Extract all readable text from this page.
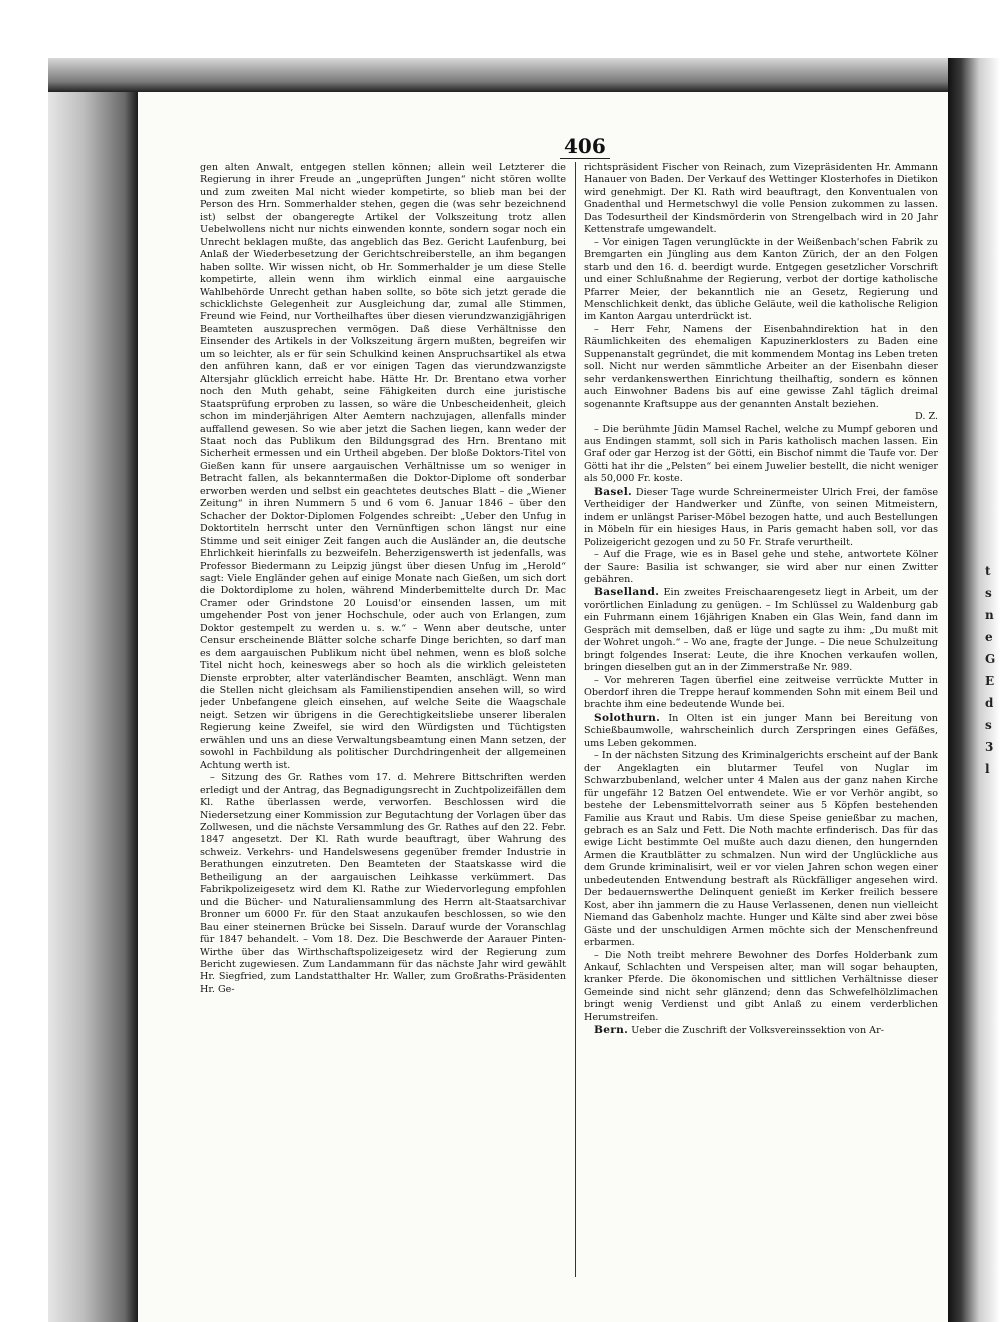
406

gen alten Anwalt, entgegen stellen können; allein weil Letzterer die Regierung in ihrer Freude an „ungeprüften Jungen“ nicht stören wollte und zum zweiten Mal nicht wieder kompetirte, so blieb man bei der Person des Hrn. Sommerhalder stehen, gegen die (was sehr bezeichnend ist) selbst der obangeregte Artikel der Volkszeitung trotz allen Uebelwollens nicht nur nichts einwenden konnte, sondern sogar noch ein Unrecht beklagen mußte, das angeblich das Bez. Gericht Laufenburg, bei Anlaß der Wiederbesetzung der Gerichtschreiberstelle, an ihm begangen haben sollte. Wir wissen nicht, ob Hr. Sommerhalder je um diese Stelle kompetirte, allein wenn ihm wirklich einmal eine aargauische Wahlbehörde Unrecht gethan haben sollte, so böte sich jetzt gerade die schicklichste Gelegenheit zur Ausgleichung dar, zumal alle Stimmen, Freund wie Feind, nur Vortheilhaftes über diesen vierundzwanzigjährigen Beamteten auszusprechen vermögen. Daß diese Verhältnisse den Einsender des Artikels in der Volkszeitung ärgern mußten, begreifen wir um so leichter, als er für sein Schulkind keinen Anspruchsartikel als etwa den anführen kann, daß er vor einigen Tagen das vierundzwanzigste Altersjahr glücklich erreicht habe. Hätte Hr. Dr. Brentano etwa vorher noch den Muth gehabt, seine Fähigkeiten durch eine juristische Staatsprüfung erproben zu lassen, so wäre die Unbescheidenheit, gleich schon im minderjährigen Alter Aemtern nachzujagen, allenfalls minder auffallend gewesen. So wie aber jetzt die Sachen liegen, kann weder der Staat noch das Publikum den Bildungsgrad des Hrn. Brentano mit Sicherheit ermessen und ein Urtheil abgeben. Der bloße Doktors-Titel von Gießen kann für unsere aargauischen Verhältnisse um so weniger in Betracht fallen, als bekanntermaßen die Doktor-Diplome oft sonderbar erworben werden und selbst ein geachtetes deutsches Blatt – die „Wiener Zeitung“ in ihren Nummern 5 und 6 vom 6. Januar 1846 – über den Schacher der Doktor-Diplomen Folgendes schreibt: „Ueber den Unfug in Doktortiteln herrscht unter den Vernünftigen schon längst nur eine Stimme und seit einiger Zeit fangen auch die Ausländer an, die deutsche Ehrlichkeit hierinfalls zu bezweifeln. Beherzigenswerth ist jedenfalls, was Professor Biedermann zu Leipzig jüngst über diesen Unfug im „Herold“ sagt: Viele Engländer gehen auf einige Monate nach Gießen, um sich dort die Doktordiplome zu holen, während Minderbemittelte durch Dr. Mac Cramer oder Grindstone 20 Louisd'or einsenden lassen, um mit umgehender Post von jener Hochschule, oder auch von Erlangen, zum Doktor gestempelt zu werden u. s. w.“ – Wenn aber deutsche, unter Censur erscheinende Blätter solche scharfe Dinge berichten, so darf man es dem aargauischen Publikum nicht übel nehmen, wenn es bloß solche Titel nicht hoch, keineswegs aber so hoch als die wirklich geleisteten Dienste erprobter, alter vaterländischer Beamten, anschlägt. Wenn man die Stellen nicht gleichsam als Familienstipendien ansehen will, so wird jeder Unbefangene gleich einsehen, auf welche Seite die Waagschale neigt. Setzen wir übrigens in die Gerechtigkeitsliebe unserer liberalen Regierung keine Zweifel, sie wird den Würdigsten und Tüchtigsten erwählen und uns an diese Verwaltungsbeamtung einen Mann setzen, der sowohl in Fachbildung als politischer Durchdringenheit der allgemeinen Achtung werth ist.

– Sitzung des Gr. Rathes vom 17. d. Mehrere Bittschriften werden erledigt und der Antrag, das Begnadigungsrecht in Zuchtpolizeifällen dem Kl. Rathe überlassen werde, verworfen. Beschlossen wird die Niedersetzung einer Kommission zur Begutachtung der Vorlagen über das Zollwesen, und die nächste Versammlung des Gr. Rathes auf den 22. Febr. 1847 angesetzt. Der Kl. Rath wurde beauftragt, über Wahrung des schweiz. Verkehrs- und Handelswesens gegenüber fremder Industrie in Berathungen einzutreten. Den Beamteten der Staatskasse wird die Betheiligung an der aargauischen Leihkasse verkümmert. Das Fabrikpolizeigesetz wird dem Kl. Rathe zur Wiedervorlegung empfohlen und die Bücher- und Naturaliensammlung des Herrn alt-Staatsarchivar Bronner um 6000 Fr. für den Staat anzukaufen beschlossen, so wie den Bau einer steinernen Brücke bei Sisseln. Darauf wurde der Voranschlag für 1847 behandelt. – Vom 18. Dez. Die Beschwerde der Aarauer Pinten-Wirthe über das Wirthschaftspolizeigesetz wird der Regierung zum Bericht zugewiesen. Zum Landammann für das nächste Jahr wird gewählt Hr. Siegfried, zum Landstatthalter Hr. Waller, zum Großraths-Präsidenten Hr. Ge-

richtspräsident Fischer von Reinach, zum Vizepräsidenten Hr. Ammann Hanauer von Baden. Der Verkauf des Wettinger Klosterhofes in Dietikon wird genehmigt. Der Kl. Rath wird beauftragt, den Konventualen von Gnadenthal und Hermetschwyl die volle Pension zukommen zu lassen. Das Todesurtheil der Kindsmörderin von Strengelbach wird in 20 Jahr Kettenstrafe umgewandelt.

– Vor einigen Tagen verunglückte in der Weißenbach'schen Fabrik zu Bremgarten ein Jüngling aus dem Kanton Zürich, der an den Folgen starb und den 16. d. beerdigt wurde. Entgegen gesetzlicher Vorschrift und einer Schlußnahme der Regierung, verbot der dortige katholische Pfarrer Meier, der bekanntlich nie an Gesetz, Regierung und Menschlichkeit denkt, das übliche Geläute, weil die katholische Religion im Kanton Aargau unterdrückt ist.

– Herr Fehr, Namens der Eisenbahndirektion hat in den Räumlichkeiten des ehemaligen Kapuzinerklosters zu Baden eine Suppenanstalt gegründet, die mit kommendem Montag ins Leben treten soll. Nicht nur werden sämmtliche Arbeiter an der Eisenbahn dieser sehr verdankenswerthen Einrichtung theilhaftig, sondern es können auch Einwohner Badens bis auf eine gewisse Zahl täglich dreimal sogenannte Kraftsuppe aus der genannten Anstalt beziehen.

D. Z.

– Die berühmte Jüdin Mamsel Rachel, welche zu Mumpf geboren und aus Endingen stammt, soll sich in Paris katholisch machen lassen. Ein Graf oder gar Herzog ist der Götti, ein Bischof nimmt die Taufe vor. Der Götti hat ihr die „Pelsten“ bei einem Juwelier bestellt, die nicht weniger als 50,000 Fr. koste.

Basel. Dieser Tage wurde Schreinermeister Ulrich Frei, der famöse Vertheidiger der Handwerker und Zünfte, von seinen Mitmeistern, indem er unlängst Pariser-Möbel bezogen hatte, und auch Bestellungen in Möbeln für ein hiesiges Haus, in Paris gemacht haben soll, vor das Polizeigericht gezogen und zu 50 Fr. Strafe verurtheilt.

– Auf die Frage, wie es in Basel gehe und stehe, antwortete Kölner der Saure: Basilia ist schwanger, sie wird aber nur einen Zwitter gebähren.

Baselland. Ein zweites Freischaarengesetz liegt in Arbeit, um der vorörtlichen Einladung zu genügen. – Im Schlüssel zu Waldenburg gab ein Fuhrmann einem 16jährigen Knaben ein Glas Wein, fand dann im Gespräch mit demselben, daß er lüge und sagte zu ihm: „Du mußt mit der Wohret ungoh.“ – Wo ane, fragte der Junge. – Die neue Schulzeitung bringt folgendes Inserat: Leute, die ihre Knochen verkaufen wollen, bringen dieselben gut an in der Zimmerstraße Nr. 989.

– Vor mehreren Tagen überfiel eine zeitweise verrückte Mutter in Oberdorf ihren die Treppe herauf kommenden Sohn mit einem Beil und brachte ihm eine bedeutende Wunde bei.

Solothurn. In Olten ist ein junger Mann bei Bereitung von Schießbaumwolle, wahrscheinlich durch Zerspringen eines Gefäßes, ums Leben gekommen.

– In der nächsten Sitzung des Kriminalgerichts erscheint auf der Bank der Angeklagten ein blutarmer Teufel von Nuglar im Schwarzbubenland, welcher unter 4 Malen aus der ganz nahen Kirche für ungefähr 12 Batzen Oel entwendete. Wie er vor Verhör angibt, so bestehe der Lebensmittelvorrath seiner aus 5 Köpfen bestehenden Familie aus Kraut und Rabis. Um diese Speise genießbar zu machen, gebrach es an Salz und Fett. Die Noth machte erfinderisch. Das für das ewige Licht bestimmte Oel mußte auch dazu dienen, den hungernden Armen die Krautblätter zu schmalzen. Nun wird der Unglückliche aus dem Grunde kriminalisirt, weil er vor vielen Jahren schon wegen einer unbedeutenden Entwendung bestraft als Rückfälliger angesehen wird. Der bedauernswerthe Delinquent genießt im Kerker freilich bessere Kost, aber ihn jammern die zu Hause Verlassenen, denen nun vielleicht Niemand das Gabenholz machte. Hunger und Kälte sind aber zwei böse Gäste und der unschuldigen Armen möchte sich der Menschenfreund erbarmen.

– Die Noth treibt mehrere Bewohner des Dorfes Holderbank zum Ankauf, Schlachten und Verspeisen alter, man will sogar behaupten, kranker Pferde. Die ökonomischen und sittlichen Verhältnisse dieser Gemeinde sind nicht sehr glänzend; denn das Schwefelhölzlimachen bringt wenig Verdienst und gibt Anlaß zu einem verderblichen Herumstreifen.

Bern. Ueber die Zuschrift der Volksvereinssektion von Ar-

t
s
n
e
G
E
d
s
3
l
